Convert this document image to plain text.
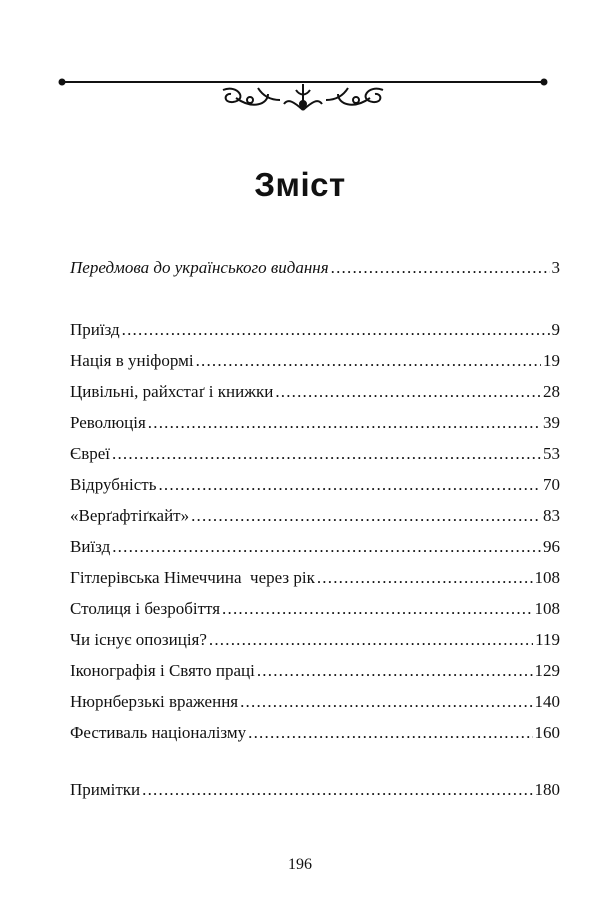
Зміст
Передмова до українського видання .....	3
Приїзд .....	9
Нація в уніформі .....	19
Цивільні, райхстаґ і книжки .....	28
Революція .....	39
Євреї .....	53
Відрубність .....	70
«Верґафтіґкайт» .....	83
Виїзд .....	96
Гітлерівська Німеччина  через рік .....	108
Столиця і безробіття .....	108
Чи існує опозиція? .....	119
Іконографія і Свято праці .....	129
Нюрнберзькі враження .....	140
Фестиваль націоналізму .....	160
Примітки .....	180
196
